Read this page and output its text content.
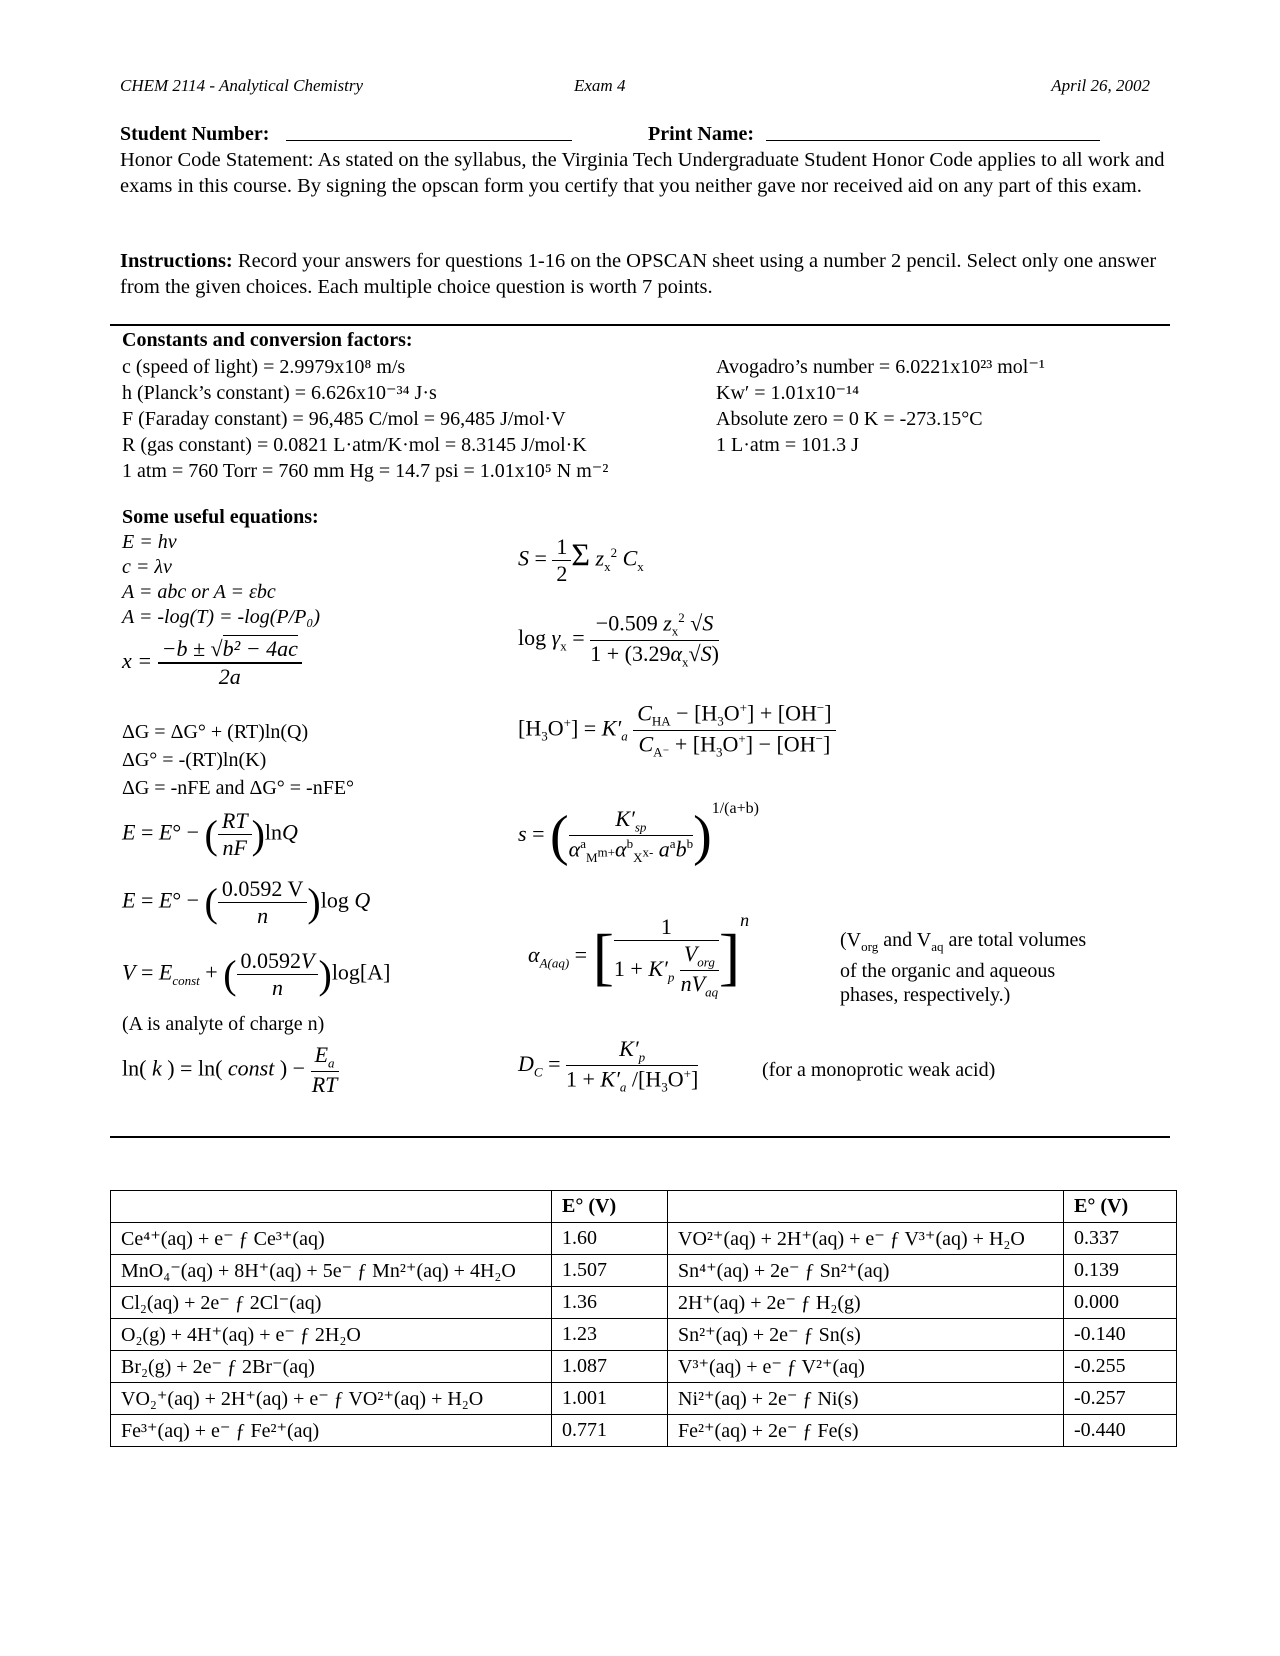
CHEM 2114 - Analytical Chemistry	Exam 4	April 26, 2002
Student Number:	Print Name:
Honor Code Statement: As stated on the syllabus, the Virginia Tech Undergraduate Student Honor Code applies to all work and exams in this course. By signing the opscan form you certify that you neither gave nor received aid on any part of this exam.
Instructions: Record your answers for questions 1-16 on the OPSCAN sheet using a number 2 pencil. Select only one answer from the given choices. Each multiple choice question is worth 7 points.
Constants and conversion factors:
c (speed of light) = 2.9979x10⁸ m/s
h (Planck’s constant) = 6.626x10⁻³⁴ J·s
F (Faraday constant) = 96,485 C/mol = 96,485 J/mol·V
R (gas constant) = 0.0821 L·atm/K·mol = 8.3145 J/mol·K
1 atm = 760 Torr = 760 mm Hg = 14.7 psi = 1.01x10⁵ N m⁻²
Avogadro’s number = 6.0221x10²³ mol⁻¹
Kw′ = 1.01x10⁻¹⁴
Absolute zero = 0 K = -273.15°C
1 L·atm = 101.3 J
Some useful equations:
E = hν
c = λν
A = abc or A = εbc
A = -log(T) = -log(P/P₀)
$x = \frac{\text{−b ± √b² − 4ac}}{2a}$
ΔG = ΔG° + (RT)ln(Q)
ΔG° = -(RT)ln(K)
ΔG = -nFE and ΔG° = -nFE°
E = E° − ( $\frac{RT}{nF} )\ln Q$
E = E° − ( $\frac{0.0592 V}{n} )\log$ Q
$V = E_{const}$ + ( $\frac{0.0592V}{n} )\log[A]$
(A is analyte of charge n)
ln( k ) = ln( const ) − $\frac{E_a}{RT}$
$S = \frac{1}{2}$ Σ $z_x^2$ $C_x$
$\log \gamma_x = \frac{-0.509 z_x^2 √S}{1 + (3.29\alpha_x√S)}$
$[H_3O^+] = K'_a \frac{C_{HA} - [H_3O^+] + [OH^-]}{C_{A^-} + [H_3O^+] - [OH^-]}$
s = ( $\frac{K'_{sp}}{\alpha^a_{M^{m+}}\alpha^b_{X^{x-}} a^ab^b} )^{1/(a+b)}$
$\alpha_{A(aq)}$ = [ $\frac{1}{1 + K'_p \frac{V_{org}}{nV_{aq}}} ]^n$
($V_{org}$ and $V_{aq}$ are total volumes
of the organic and aqueous
phases, respectively.)
$D_C = \frac{K'_p}{1 + K'_a /[H_3O^+]}$	(for a monoprotic weak acid)
	E° (V)		E° (V)
Ce⁴⁺(aq) + e⁻ ƒ Ce³⁺(aq)	1.60	VO²⁺(aq) + 2H⁺(aq) + e⁻ ƒ V³⁺(aq) + H₂O	0.337
MnO₄⁻(aq) + 8H⁺(aq) + 5e⁻ ƒ Mn²⁺(aq) + 4H₂O	1.507	Sn⁴⁺(aq) + 2e⁻ ƒ Sn²⁺(aq)	0.139
Cl₂(aq) + 2e⁻ ƒ 2Cl⁻(aq)	1.36	2H⁺(aq) + 2e⁻ ƒ H₂(g)	0.000
O₂(g) + 4H⁺(aq) + e⁻ ƒ 2H₂O	1.23	Sn²⁺(aq) + 2e⁻ ƒ Sn(s)	-0.140
Br₂(g) + 2e⁻ ƒ 2Br⁻(aq)	1.087	V³⁺(aq) + e⁻ ƒ V²⁺(aq)	-0.255
VO₂⁺(aq) + 2H⁺(aq) + e⁻ ƒ VO²⁺(aq) + H₂O	1.001	Ni²⁺(aq) + 2e⁻ ƒ Ni(s)	-0.257
Fe³⁺(aq) + e⁻ ƒ Fe²⁺(aq)	0.771	Fe²⁺(aq) + 2e⁻ ƒ Fe(s)	-0.440
